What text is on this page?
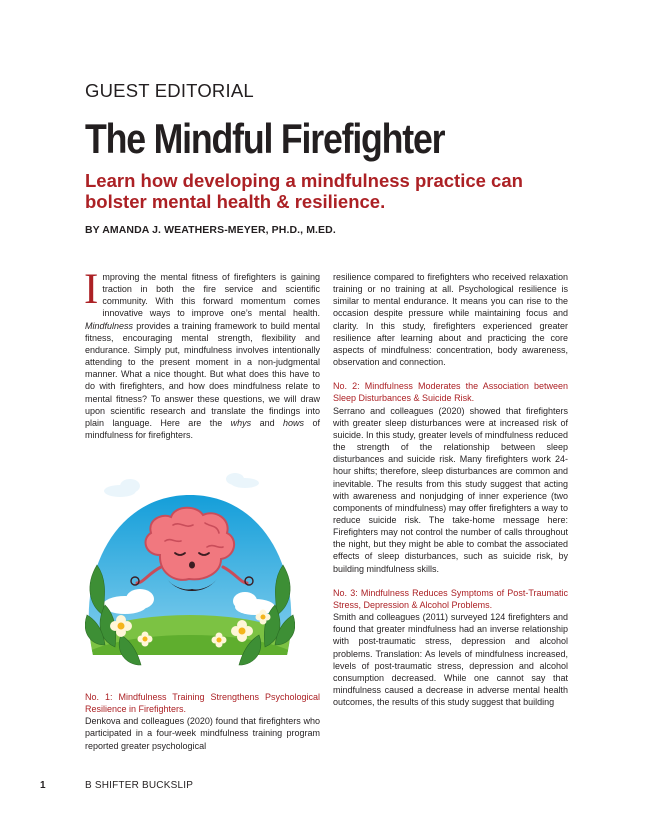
GUEST EDITORIAL
The Mindful Firefighter
Learn how developing a mindfulness practice can bolster mental health & resilience.
BY AMANDA J. WEATHERS-MEYER, PH.D., M.ED.

Improving the mental fitness of firefighters is gaining traction in both the fire service and scientific community. With this forward momentum comes innovative ways to improve one’s mental health. Mindfulness provides a training framework to build mental fitness, encouraging mental strength, flexibility and endurance. Simply put, mindfulness involves intentionally attending to the present moment in a non-judgmental manner. What a nice thought. But what does this have to do with firefighters, and how does mindfulness relate to mental fitness? To answer these questions, we will draw upon scientific research and translate the findings into plain language. Here are the whys and hows of mindfulness for firefighters.

No. 1: Mindfulness Training Strengthens Psychological Resilience in Firefighters.

Denkova and colleagues (2020) found that firefighters who participated in a four-week mindfulness training program reported greater psychological

resilience compared to firefighters who received relaxation training or no training at all. Psychological resilience is similar to mental endurance. It means you can rise to the occasion despite pressure while maintaining focus and clarity. In this study, firefighters experienced greater resilience after learning about and practicing the core aspects of mindfulness: concentration, body awareness, observation and connection.

No. 2: Mindfulness Moderates the Association between Sleep Disturbances & Suicide Risk.

Serrano and colleagues (2020) showed that firefighters with greater sleep disturbances were at increased risk of suicide. In this study, greater levels of mindfulness reduced the strength of the relationship between sleep disturbances and suicide risk. Many firefighters work 24-hour shifts; therefore, sleep disturbances are common and inevitable. The results from this study suggest that acting with awareness and nonjudging of inner experience (two components of mindfulness) may offer firefighters a way to reduce suicide risk. The take-home message here: Firefighters may not control the number of calls throughout the night, but they might be able to combat the associated effects of sleep disturbances, such as suicide risk, by building mindfulness skills.

No. 3: Mindfulness Reduces Symptoms of Post-Traumatic Stress, Depression & Alcohol Problems.

Smith and colleagues (2011) surveyed 124 firefighters and found that greater mindfulness had an inverse relationship with post-traumatic stress, depression and alcohol problems. Translation: As levels of mindfulness increased, levels of post-traumatic stress, depression and alcohol consumption decreased. While one cannot say that mindfulness caused a decrease in adverse mental health outcomes, the results of this study suggest that building

1	B SHIFTER BUCKSLIP
